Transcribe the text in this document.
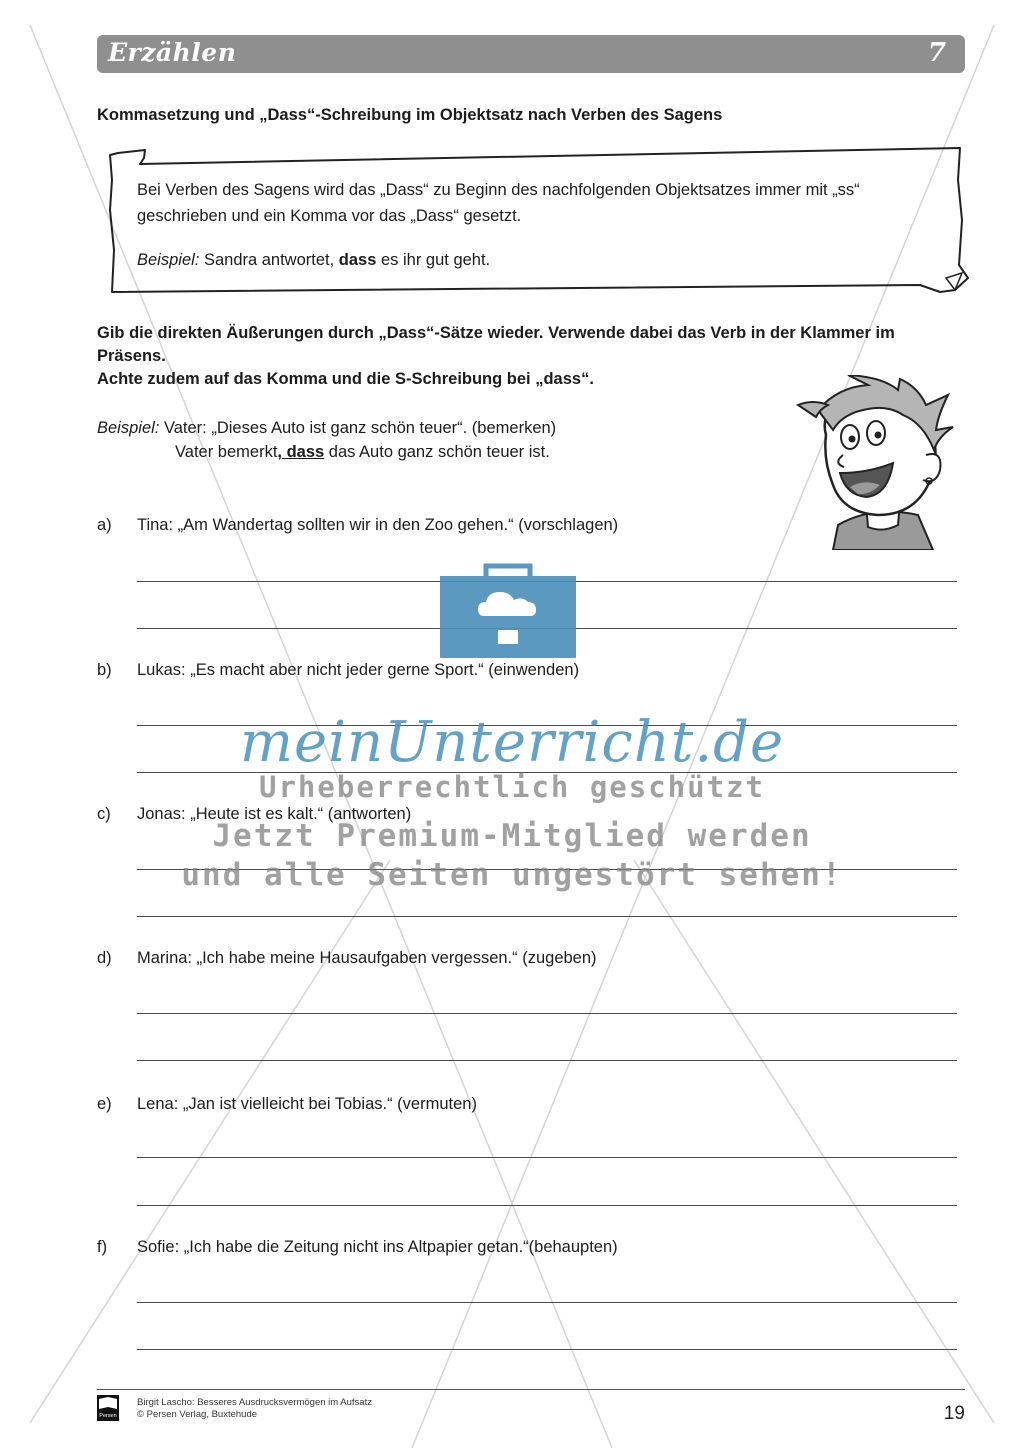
Erzählen	7
Kommasetzung und „Dass“-Schreibung im Objektsatz nach Verben des Sagens
Bei Verben des Sagens wird das „Dass“ zu Beginn des nachfolgenden Objektsatzes immer mit „ss“ geschrieben und ein Komma vor das „Dass“ gesetzt.
Beispiel: Sandra antwortet, dass es ihr gut geht.
Gib die direkten Äußerungen durch „Dass“-Sätze wieder. Verwende dabei das Verb in der Klammer im Präsens.
Achte zudem auf das Komma und die S-Schreibung bei „dass“.
Beispiel: Vater: „Dieses Auto ist ganz schön teuer“. (bemerken)
Vater bemerkt, dass das Auto ganz schön teuer ist.
a) Tina: „Am Wandertag sollten wir in den Zoo gehen.“ (vorschlagen)
b) Lukas: „Es macht aber nicht jeder gerne Sport.“ (einwenden)
c) Jonas: „Heute ist es kalt.“ (antworten)
d) Marina: „Ich habe meine Hausaufgaben vergessen.“ (zugeben)
e) Lena: „Jan ist vielleicht bei Tobias.“ (vermuten)
f) Sofie: „Ich habe die Zeitung nicht ins Altpapier getan.“(behaupten)
meinUnterricht.de
Urheberrechtlich geschützt
Jetzt Premium-Mitglied werden
und alle Seiten ungestört sehen!
Persen
Birgit Lascho: Besseres Ausdrucksvermögen im Aufsatz
© Persen Verlag, Buxtehude	19
